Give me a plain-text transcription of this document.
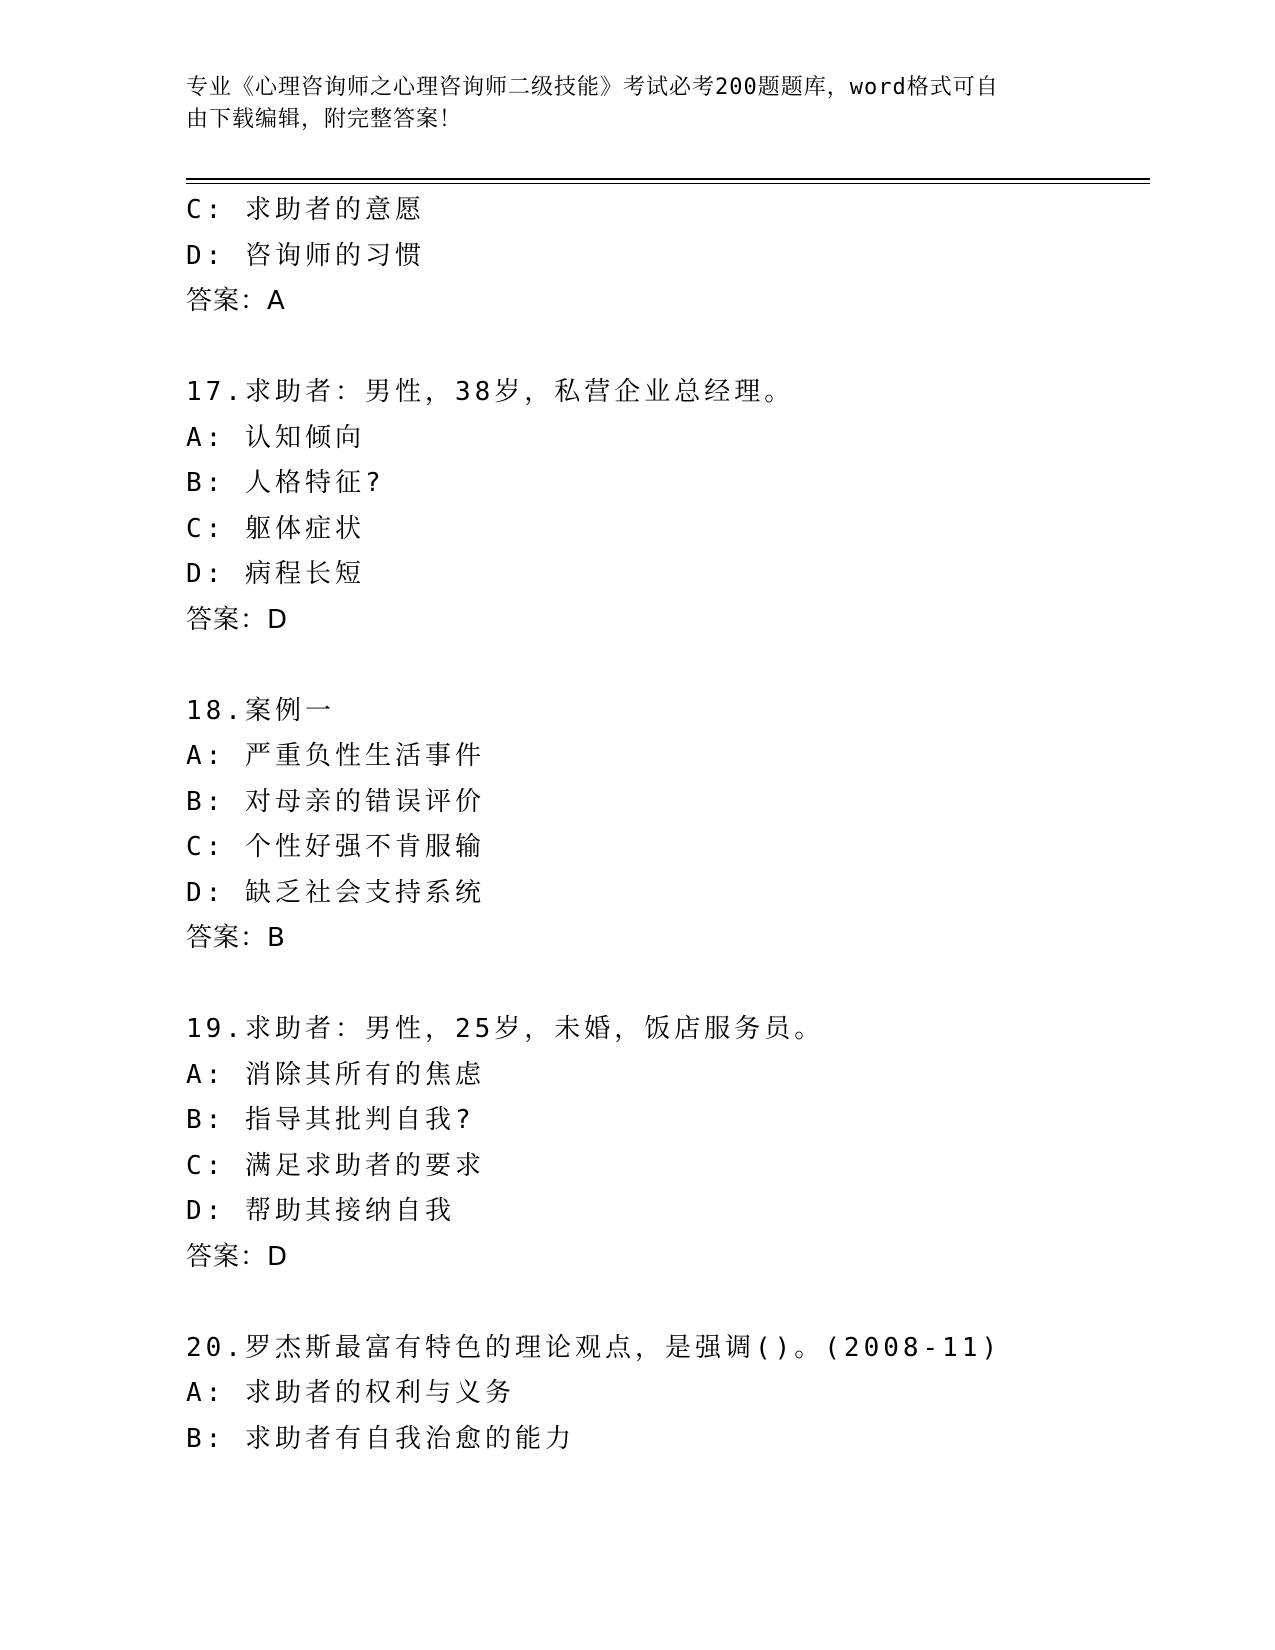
专业《心理咨询师之心理咨询师二级技能》考试必考200题题库，word格式可自
由下载编辑，附完整答案！
C: 求助者的意愿
D: 咨询师的习惯
答案：A
17.求助者：男性，38岁，私营企业总经理。
A: 认知倾向
B: 人格特征?
C: 躯体症状
D: 病程长短
答案：D
18.案例一
A: 严重负性生活事件
B: 对母亲的错误评价
C: 个性好强不肯服输
D: 缺乏社会支持系统
答案：B
19.求助者：男性，25岁，未婚，饭店服务员。
A: 消除其所有的焦虑
B: 指导其批判自我?
C: 满足求助者的要求
D: 帮助其接纳自我
答案：D
20.罗杰斯最富有特色的理论观点，是强调()。(2008-11)
A: 求助者的权利与义务
B: 求助者有自我治愈的能力
